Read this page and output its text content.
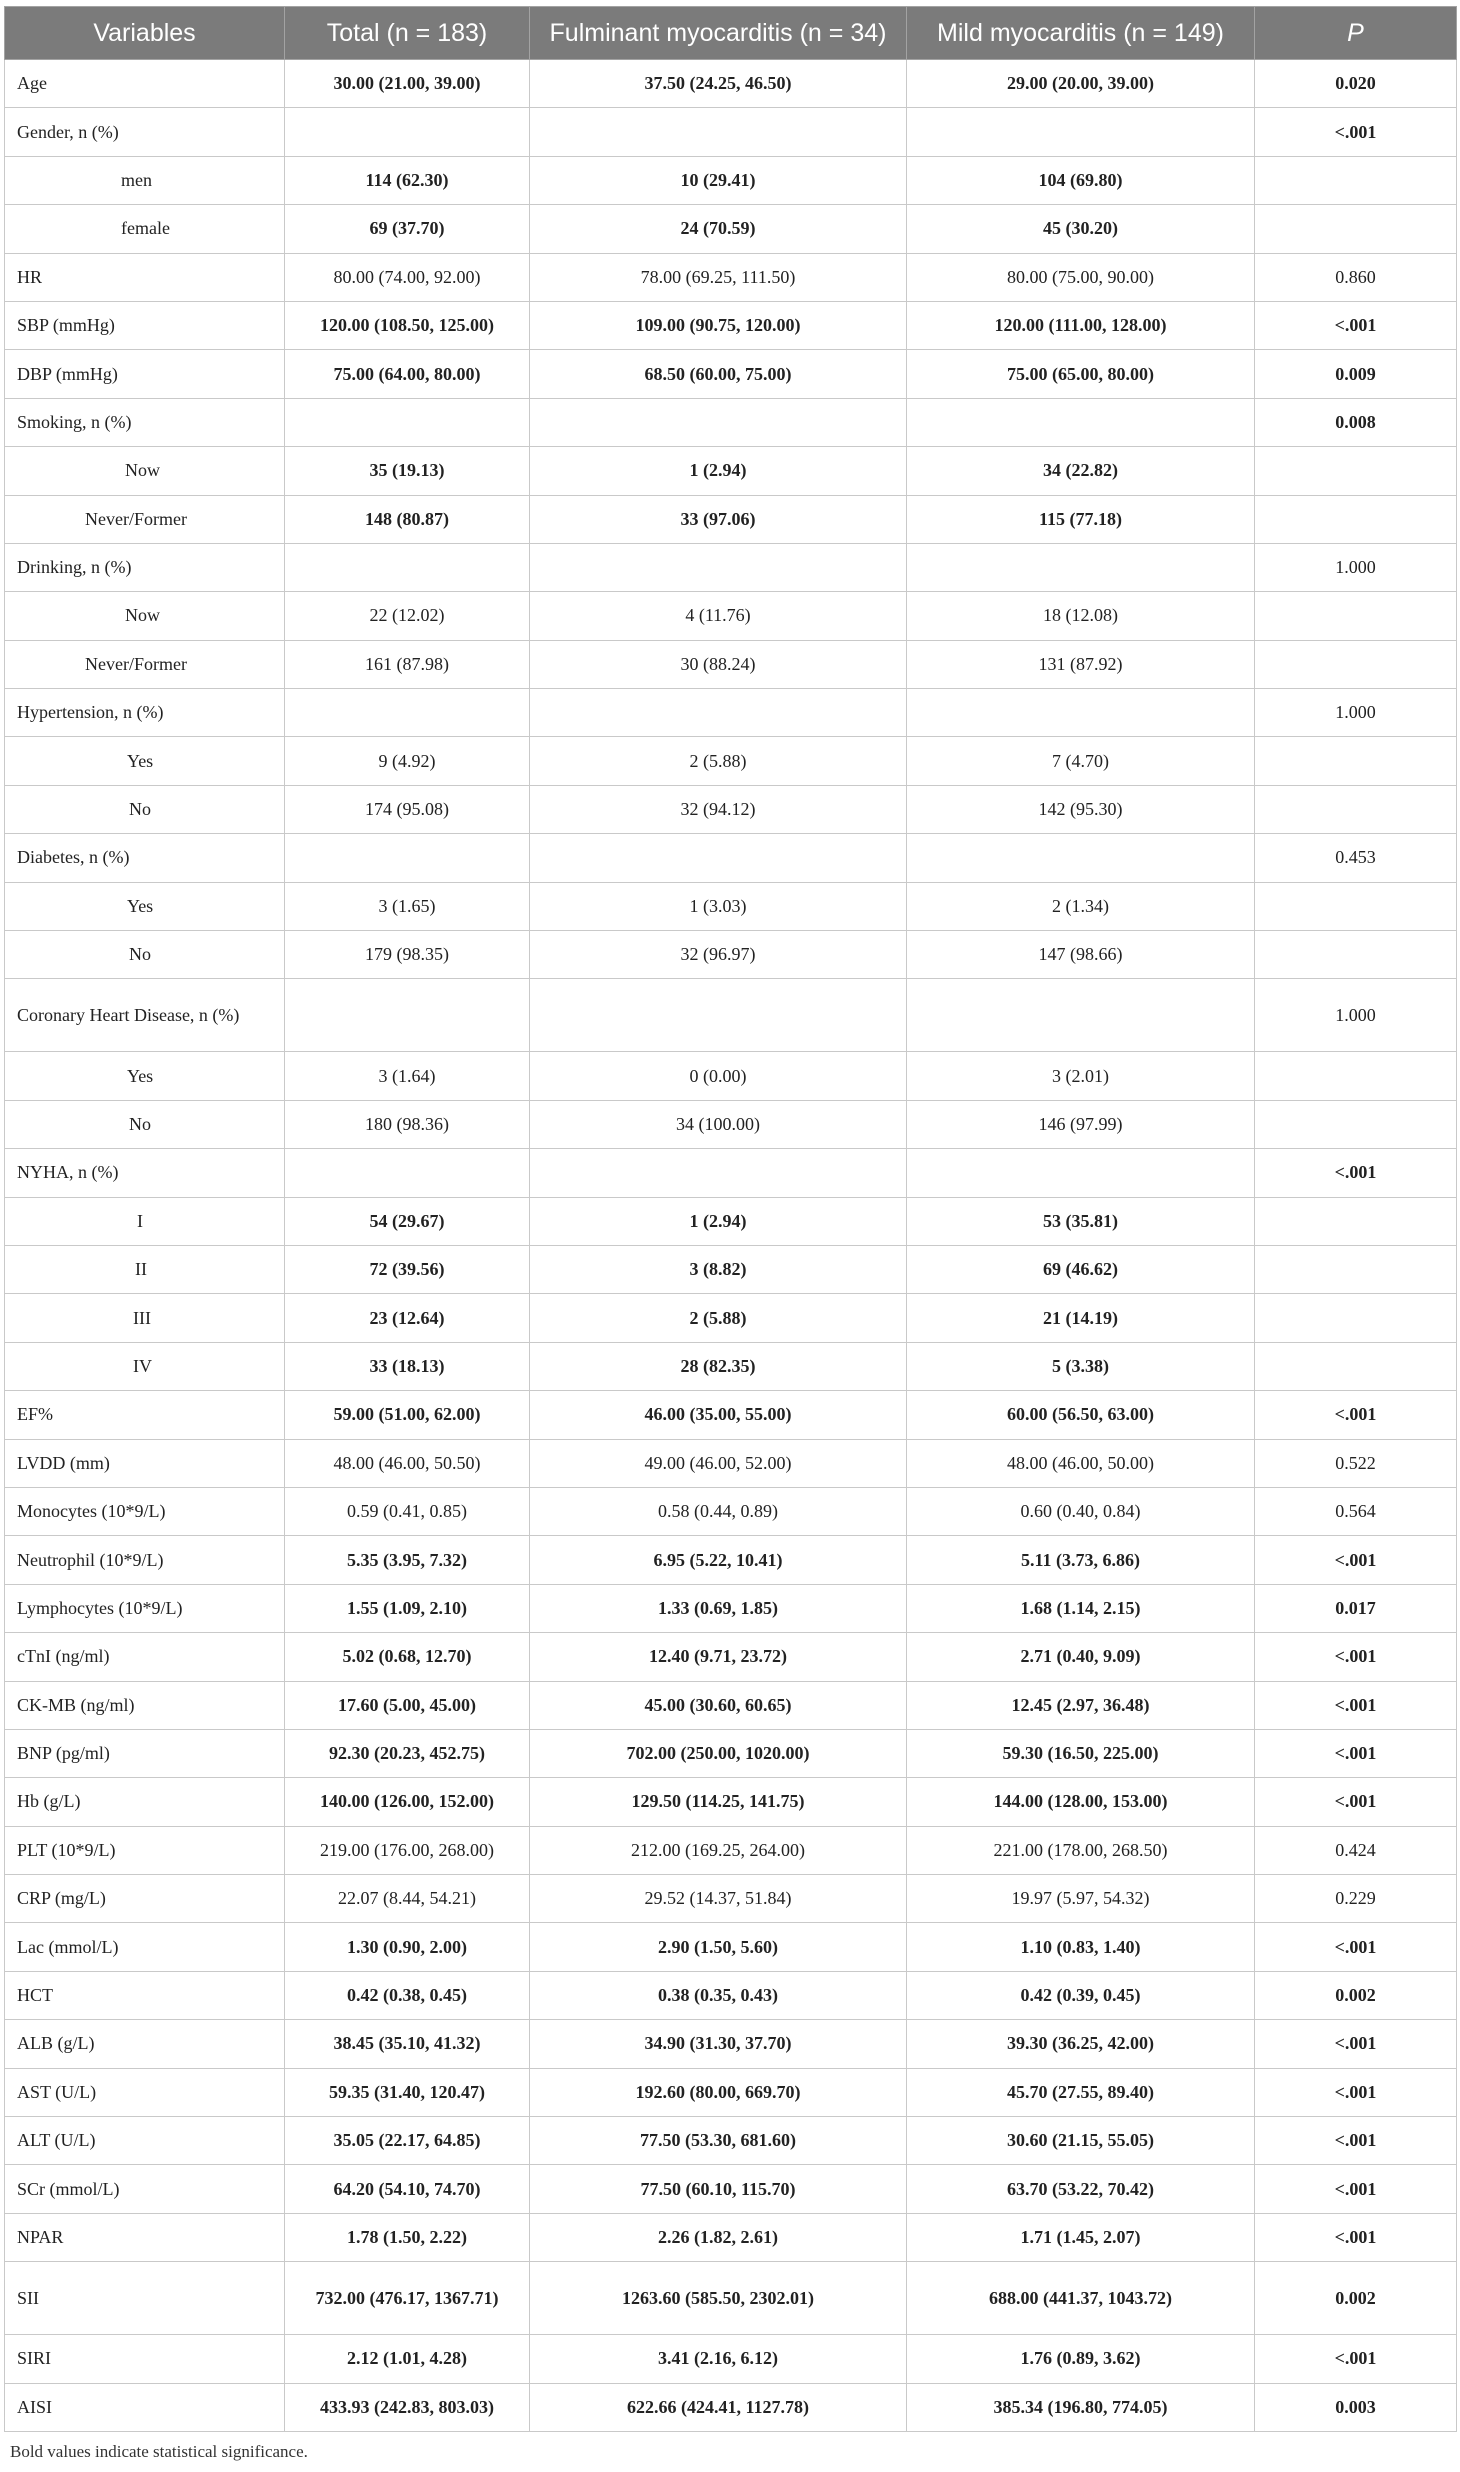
Variables	Total (n = 183)	Fulminant myocarditis (n = 34)	Mild myocarditis (n = 149)	P
Age	30.00 (21.00, 39.00)	37.50 (24.25, 46.50)	29.00 (20.00, 39.00)	0.020
Gender, n (%)				<.001
men	114 (62.30)	10 (29.41)	104 (69.80)	
female	69 (37.70)	24 (70.59)	45 (30.20)	
HR	80.00 (74.00, 92.00)	78.00 (69.25, 111.50)	80.00 (75.00, 90.00)	0.860
SBP (mmHg)	120.00 (108.50, 125.00)	109.00 (90.75, 120.00)	120.00 (111.00, 128.00)	<.001
DBP (mmHg)	75.00 (64.00, 80.00)	68.50 (60.00, 75.00)	75.00 (65.00, 80.00)	0.009
Smoking, n (%)				0.008
Now	35 (19.13)	1 (2.94)	34 (22.82)	
Never/Former	148 (80.87)	33 (97.06)	115 (77.18)	
Drinking, n (%)				1.000
Now	22 (12.02)	4 (11.76)	18 (12.08)	
Never/Former	161 (87.98)	30 (88.24)	131 (87.92)	
Hypertension, n (%)				1.000
Yes	9 (4.92)	2 (5.88)	7 (4.70)	
No	174 (95.08)	32 (94.12)	142 (95.30)	
Diabetes, n (%)				0.453
Yes	3 (1.65)	1 (3.03)	2 (1.34)	
No	179 (98.35)	32 (96.97)	147 (98.66)	
Coronary Heart Disease, n (%)				1.000
Yes	3 (1.64)	0 (0.00)	3 (2.01)	
No	180 (98.36)	34 (100.00)	146 (97.99)	
NYHA, n (%)				<.001
I	54 (29.67)	1 (2.94)	53 (35.81)	
II	72 (39.56)	3 (8.82)	69 (46.62)	
III	23 (12.64)	2 (5.88)	21 (14.19)	
IV	33 (18.13)	28 (82.35)	5 (3.38)	
EF%	59.00 (51.00, 62.00)	46.00 (35.00, 55.00)	60.00 (56.50, 63.00)	<.001
LVDD (mm)	48.00 (46.00, 50.50)	49.00 (46.00, 52.00)	48.00 (46.00, 50.00)	0.522
Monocytes (10*9/L)	0.59 (0.41, 0.85)	0.58 (0.44, 0.89)	0.60 (0.40, 0.84)	0.564
Neutrophil (10*9/L)	5.35 (3.95, 7.32)	6.95 (5.22, 10.41)	5.11 (3.73, 6.86)	<.001
Lymphocytes (10*9/L)	1.55 (1.09, 2.10)	1.33 (0.69, 1.85)	1.68 (1.14, 2.15)	0.017
cTnI (ng/ml)	5.02 (0.68, 12.70)	12.40 (9.71, 23.72)	2.71 (0.40, 9.09)	<.001
CK-MB (ng/ml)	17.60 (5.00, 45.00)	45.00 (30.60, 60.65)	12.45 (2.97, 36.48)	<.001
BNP (pg/ml)	92.30 (20.23, 452.75)	702.00 (250.00, 1020.00)	59.30 (16.50, 225.00)	<.001
Hb (g/L)	140.00 (126.00, 152.00)	129.50 (114.25, 141.75)	144.00 (128.00, 153.00)	<.001
PLT (10*9/L)	219.00 (176.00, 268.00)	212.00 (169.25, 264.00)	221.00 (178.00, 268.50)	0.424
CRP (mg/L)	22.07 (8.44, 54.21)	29.52 (14.37, 51.84)	19.97 (5.97, 54.32)	0.229
Lac (mmol/L)	1.30 (0.90, 2.00)	2.90 (1.50, 5.60)	1.10 (0.83, 1.40)	<.001
HCT	0.42 (0.38, 0.45)	0.38 (0.35, 0.43)	0.42 (0.39, 0.45)	0.002
ALB (g/L)	38.45 (35.10, 41.32)	34.90 (31.30, 37.70)	39.30 (36.25, 42.00)	<.001
AST (U/L)	59.35 (31.40, 120.47)	192.60 (80.00, 669.70)	45.70 (27.55, 89.40)	<.001
ALT (U/L)	35.05 (22.17, 64.85)	77.50 (53.30, 681.60)	30.60 (21.15, 55.05)	<.001
SCr (mmol/L)	64.20 (54.10, 74.70)	77.50 (60.10, 115.70)	63.70 (53.22, 70.42)	<.001
NPAR	1.78 (1.50, 2.22)	2.26 (1.82, 2.61)	1.71 (1.45, 2.07)	<.001
SII	732.00 (476.17, 1367.71)	1263.60 (585.50, 2302.01)	688.00 (441.37, 1043.72)	0.002
SIRI	2.12 (1.01, 4.28)	3.41 (2.16, 6.12)	1.76 (0.89, 3.62)	<.001
AISI	433.93 (242.83, 803.03)	622.66 (424.41, 1127.78)	385.34 (196.80, 774.05)	0.003
Bold values indicate statistical significance.
